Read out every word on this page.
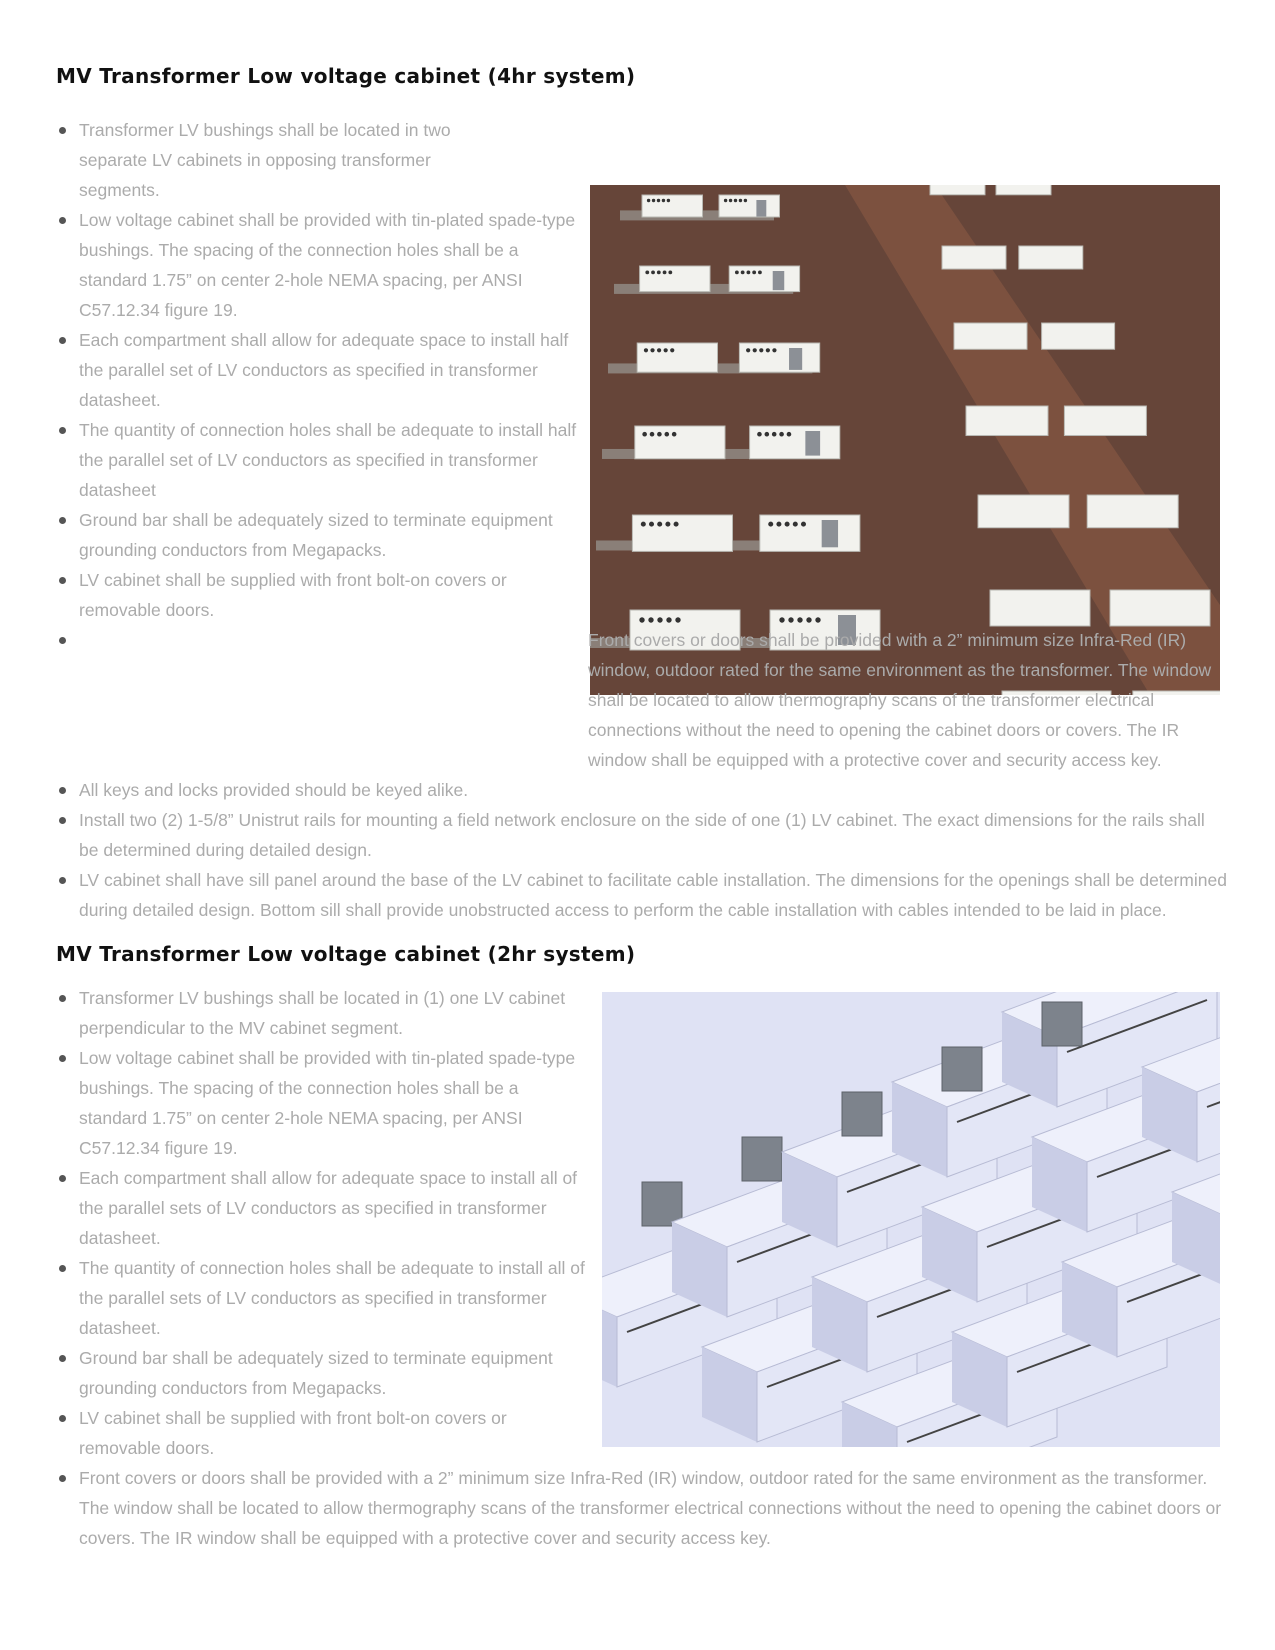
MV Transformer Low voltage cabinet (4hr system)
Transformer LV bushings shall be located in two separate LV cabinets in opposing transformer segments.
Low voltage cabinet shall be provided with tin-plated spade-type bushings. The spacing of the connection holes shall be a standard 1.75” on center 2-hole NEMA spacing, per ANSI C57.12.34 figure 19.
Each compartment shall allow for adequate space to install half the parallel set of LV conductors as specified in transformer datasheet.
The quantity of connection holes shall be adequate to install half the parallel set of LV conductors as specified in transformer datasheet
Ground bar shall be adequately sized to terminate equipment grounding conductors from Megapacks.
LV cabinet shall be supplied with front bolt-on covers or removable doors.
Front covers or doors shall be provided with a 2” minimum size Infra-Red (IR) window, outdoor rated for the same environment as the transformer. The window shall be located to allow thermography scans of the transformer electrical connections without the need to opening the cabinet doors or covers. The IR window shall be equipped with a protective cover and security access key.
All keys and locks provided should be keyed alike.
Install two (2) 1-5/8” Unistrut rails for mounting a field network enclosure on the side of one (1) LV cabinet. The exact dimensions for the rails shall be determined during detailed design.
LV cabinet shall have sill panel around the base of the LV cabinet to facilitate cable installation. The dimensions for the openings shall be determined during detailed design. Bottom sill shall provide unobstructed access to perform the cable installation with cables intended to be laid in place.
MV Transformer Low voltage cabinet (2hr system)
Transformer LV bushings shall be located in (1) one LV cabinet perpendicular to the MV cabinet segment.
Low voltage cabinet shall be provided with tin-plated spade-type bushings. The spacing of the connection holes shall be a standard 1.75” on center 2-hole NEMA spacing, per ANSI C57.12.34 figure 19.
Each compartment shall allow for adequate space to install all of the parallel sets of LV conductors as specified in transformer datasheet.
The quantity of connection holes shall be adequate to install all of the parallel sets of LV conductors as specified in transformer datasheet.
Ground bar shall be adequately sized to terminate equipment grounding conductors from Megapacks.
LV cabinet shall be supplied with front bolt-on covers or removable doors.
Front covers or doors shall be provided with a 2” minimum size Infra-Red (IR) window, outdoor rated for the same environment as the transformer. The window shall be located to allow thermography scans of the transformer electrical connections without the need to opening the cabinet doors or covers. The IR window shall be equipped with a protective cover and security access key.
